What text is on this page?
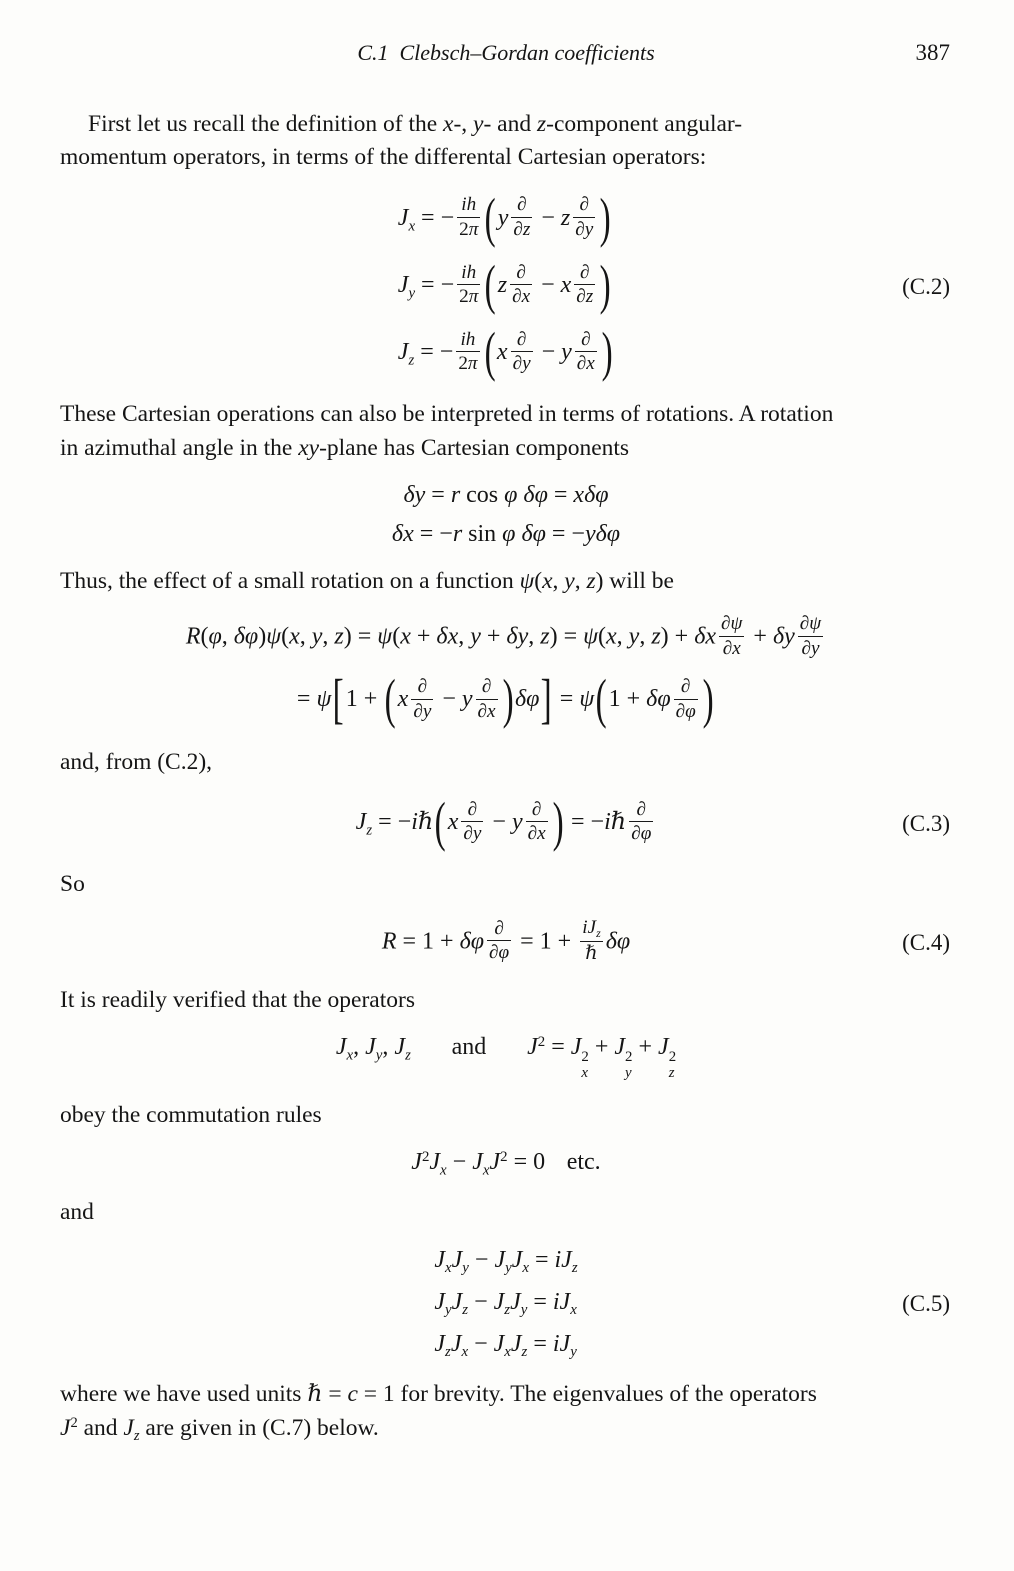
C.1  Clebsch–Gordan coefficients	387

First let us recall the definition of the x-, y- and z-component angular-
momentum operators, in terms of the differental Cartesian operators:

$J_x$ = − $\frac{ih}{2\pi} (y$
∂
∂z − z
∂
∂y )
$J_y$ = − $\frac{ih}{2\pi} (z$
∂
∂x − x
∂
∂z )
$J_z$ = − $\frac{ih}{2\pi} (x$
∂
∂y − y
∂
∂x )
(C.2)

These Cartesian operations can also be interpreted in terms of rotations. A rotation
in azimuthal angle in the xy-plane has Cartesian components

δy = r cos φ δφ = xδφ
δx = −r sin φ δφ = −yδφ

Thus, the effect of a small rotation on a function ψ(x, y, z) will be

R(φ, δφ)ψ(x, y, z) = ψ(x + δx, y + δy, z) = ψ(x, y, z) + δx $\frac{\partial\psi}{\partial x} + \delta y \frac{\partial\psi}{\partial y}$
= ψ[1 + (x
∂
∂y − y
∂
∂x )δφ] = ψ(1 + δφ
∂
∂φ )

and, from (C.2),

$J_z$ = −iℏ(x
∂
∂y − y
∂
∂x ) = −iℏ
∂
∂φ	(C.3)

So

R = 1 + δφ
∂
∂φ = 1 +
$iJ_z$
ℏ δφ	(C.4)

It is readily verified that the operators

$J_x$, $J_y$, $J_z$ and $J^2 = J$ 2
x
+ J 2
y
+ J 2
z

obey the commutation rules

$J^2J_x - J_xJ^2 = 0$ etc.

and

$J_xJ_y - J_yJ_x = iJ_z$
$J_yJ_z - J_zJ_y = iJ_x$
$J_zJ_x - J_xJ_z = iJ_y$
(C.5)

where we have used units ℏ = c = 1 for brevity. The eigenvalues of the operators
$J^2$ and $J_z$ are given in (C.7) below.
